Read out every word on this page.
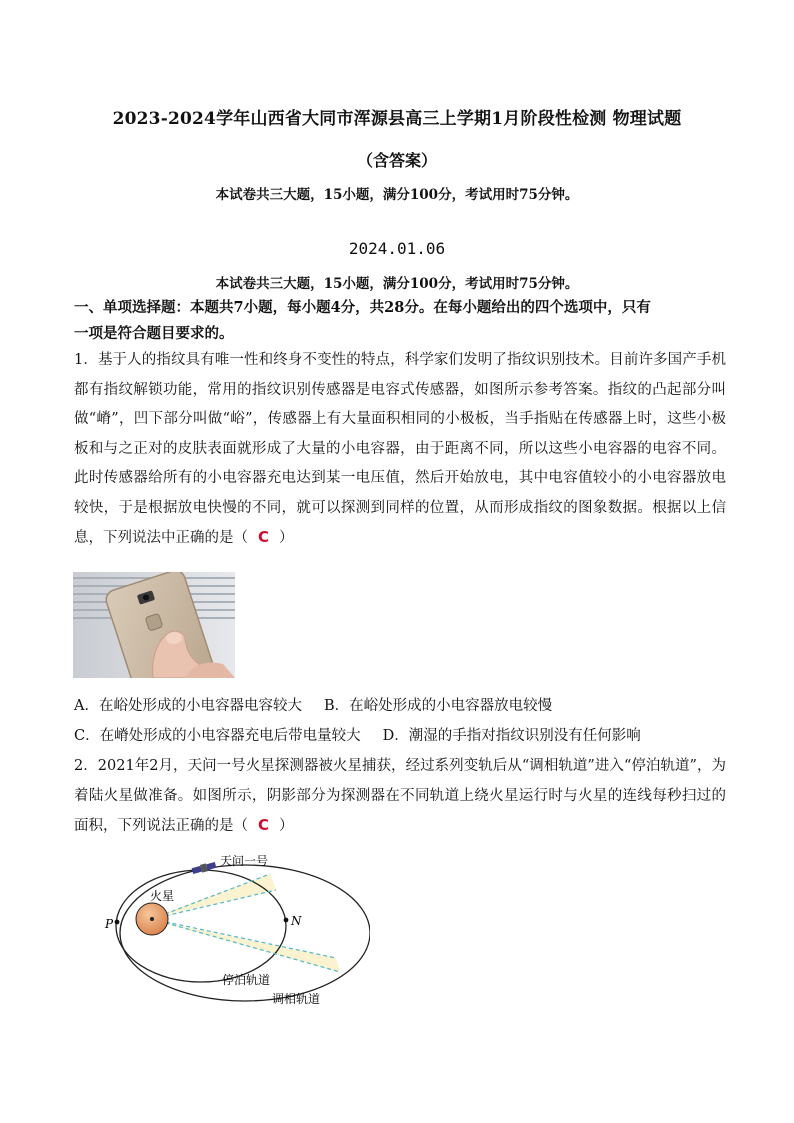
2023-2024学年山西省大同市浑源县高三上学期1月阶段性检测 物理试题
（含答案）
本试卷共三大题，15小题，满分100分，考试用时75分钟。
2024.01.06
本试卷共三大题，15小题，满分100分，考试用时75分钟。
一、单项选择题：本题共7小题，每小题4分，共28分。在每小题给出的四个选项中，只有
一项是符合题目要求的。
1．基于人的指纹具有唯一性和终身不变性的特点，科学家们发明了指纹识别技术。目前许多国产手机都有指纹解锁功能，常用的指纹识别传感器是电容式传感器，如图所示参考答案。指纹的凸起部分叫做“嵴”，凹下部分叫做“峪”，传感器上有大量面积相同的小极板，当手指贴在传感器上时，这些小极板和与之正对的皮肤表面就形成了大量的小电容器，由于距离不同，所以这些小电容器的电容不同。此时传感器给所有的小电容器充电达到某一电压值，然后开始放电，其中电容值较小的小电容器放电较快，于是根据放电快慢的不同，就可以探测到同样的位置，从而形成指纹的图象数据。根据以上信息，下列说法中正确的是（ C ）
A．在峪处形成的小电容器电容较大 B．在峪处形成的小电容器放电较慢
C．在嵴处形成的小电容器充电后带电量较大 D．潮湿的手指对指纹识别没有任何影响
2．2021年2月，天问一号火星探测器被火星捕获，经过系列变轨后从“调相轨道”进入“停泊轨道”，为着陆火星做准备。如图所示，阴影部分为探测器在不同轨道上绕火星运行时与火星的连线每秒扫过的面积，下列说法正确的是（ C ）
天问一号
火星
P	N
停泊轨道
调相轨道
